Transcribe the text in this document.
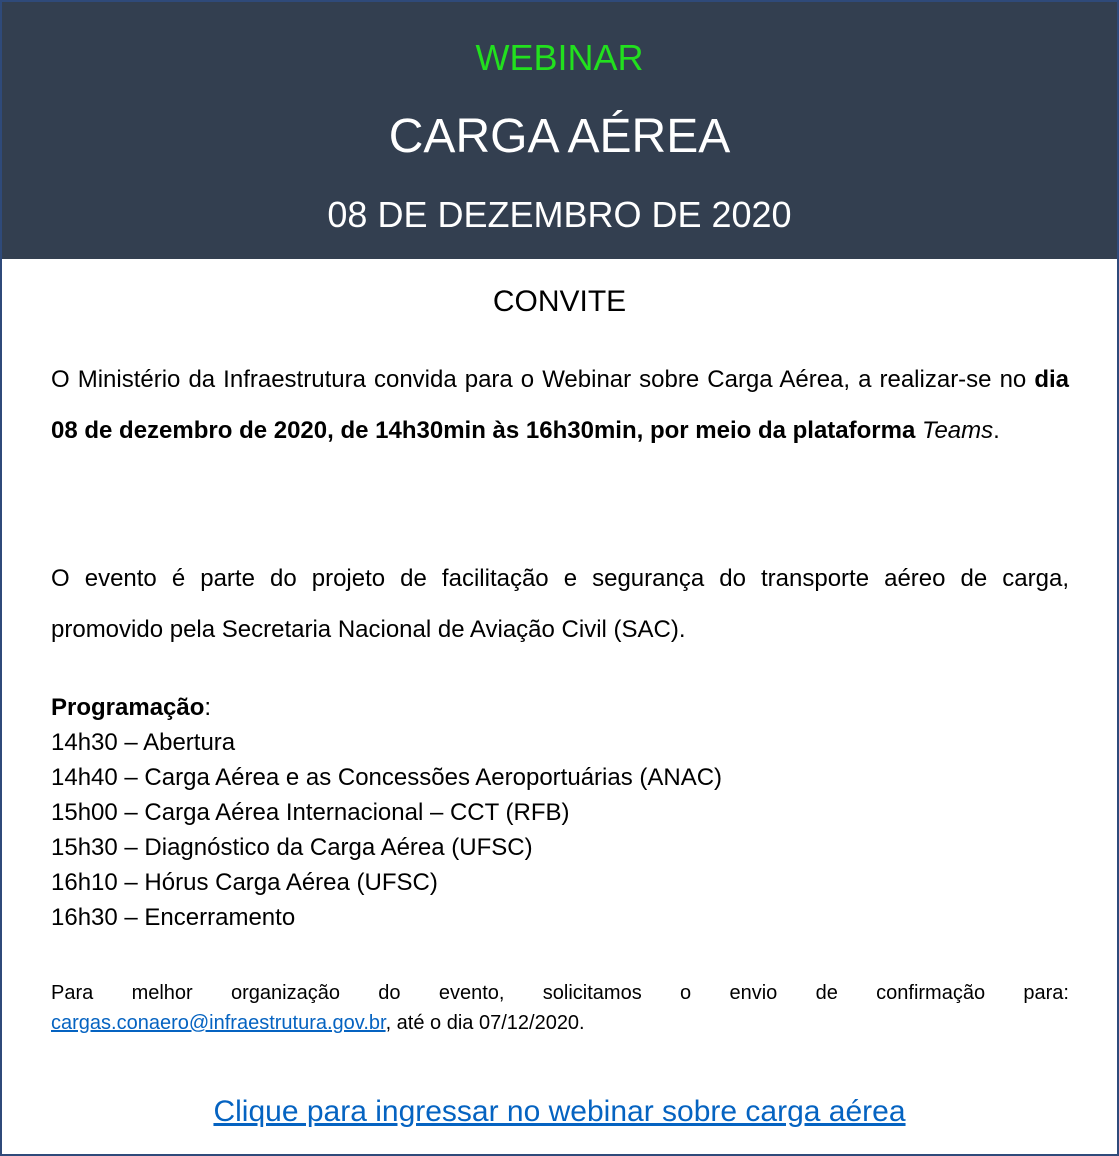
WEBINAR
CARGA AÉREA
08 DE DEZEMBRO DE 2020
CONVITE
O Ministério da Infraestrutura convida para o Webinar sobre Carga Aérea, a realizar-se no dia 08 de dezembro de 2020, de 14h30min às 16h30min, por meio da plataforma Teams.
O evento é parte do projeto de facilitação e segurança do transporte aéreo de carga, promovido pela Secretaria Nacional de Aviação Civil (SAC).
Programação:
14h30 – Abertura
14h40 – Carga Aérea e as Concessões Aeroportuárias (ANAC)
15h00 – Carga Aérea Internacional – CCT (RFB)
15h30 – Diagnóstico da Carga Aérea (UFSC)
16h10 – Hórus Carga Aérea (UFSC)
16h30 – Encerramento
Para melhor organização do evento, solicitamos o envio de confirmação para: cargas.conaero@infraestrutura.gov.br, até o dia 07/12/2020.
Clique para ingressar no webinar sobre carga aérea
